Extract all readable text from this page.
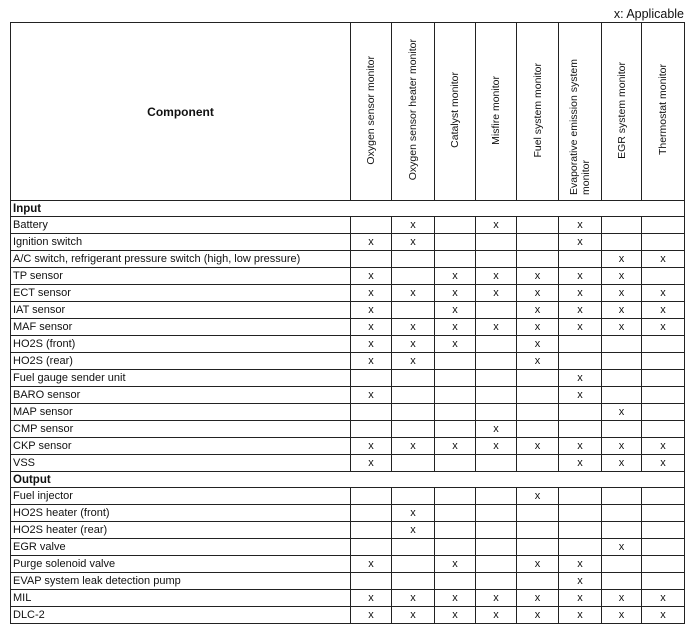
x: Applicable
Component	Oxygen sensor monitor	Oxygen sensor heater monitor	Catalyst monitor	Misfire monitor	Fuel system monitor	Evaporative emission system monitor	EGR system monitor	Thermostat monitor
Input								
Battery		x		x		x		
Ignition switch	x	x				x		
A/C switch, refrigerant pressure switch (high, low pressure)							x	x
TP sensor	x		x	x	x	x	x	
ECT sensor	x	x	x	x	x	x	x	x
IAT sensor	x		x		x	x	x	x
MAF sensor	x	x	x	x	x	x	x	x
HO2S (front)	x	x	x		x			
HO2S (rear)	x	x			x			
Fuel gauge sender unit						x		
BARO sensor	x					x		
MAP sensor							x	
CMP sensor				x				
CKP sensor	x	x	x	x	x	x	x	x
VSS	x					x	x	x
Output								
Fuel injector					x			
HO2S heater (front)		x						
HO2S heater (rear)		x						
EGR valve							x	
Purge solenoid valve	x		x		x	x		
EVAP system leak detection pump						x		
MIL	x	x	x	x	x	x	x	x
DLC-2	x	x	x	x	x	x	x	x
